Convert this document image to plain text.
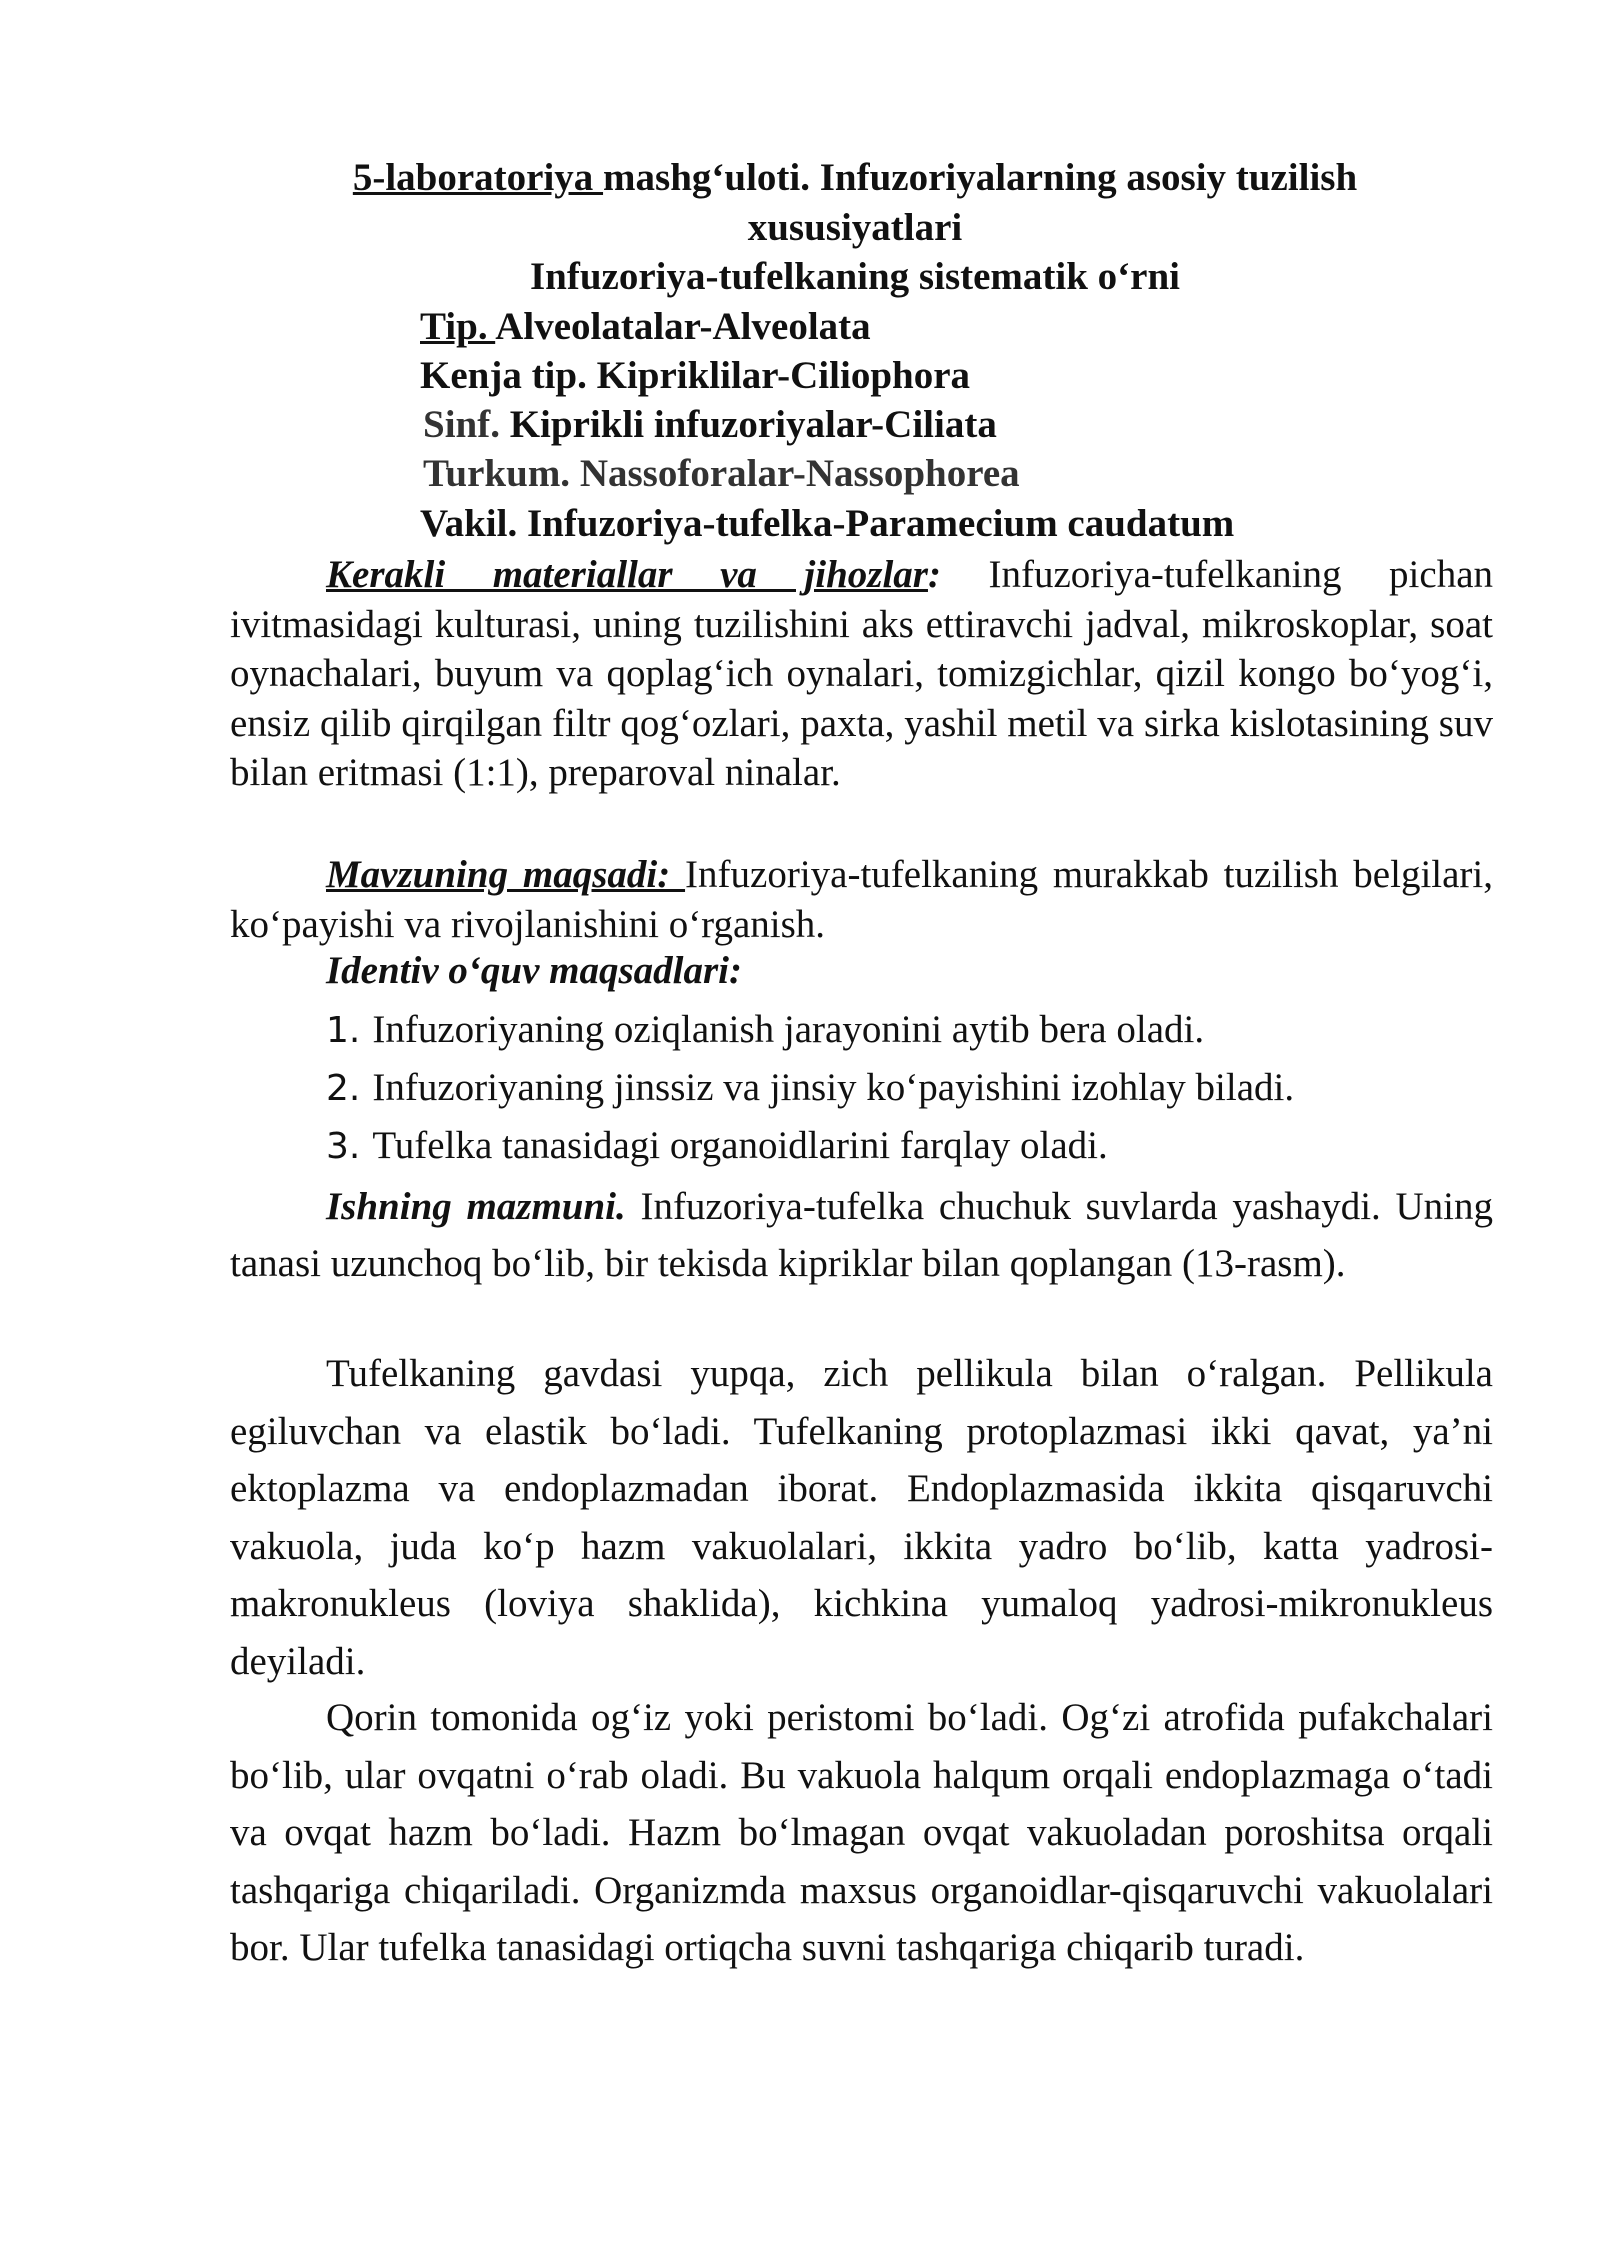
5-laboratoriya mashg‘uloti. Infuzoriyalarning asosiy tuzilish
xususiyatlari
Infuzoriya-tufelkaning sistematik o‘rni
Tip. Alveolatalar-Alveolata
Kenja tip. Kipriklilar-Ciliophora
Sinf. Kiprikli infuzoriyalar-Ciliata
Turkum. Nassoforalar-Nassophorea
Vakil. Infuzoriya-tufelka-Paramecium caudatum

Kerakli materiallar va jihozlar: Infuzoriya-tufelkaning pichan ivitmasidagi kulturasi, uning tuzilishini aks ettiravchi jadval, mikroskoplar, soat oynachalari, buyum va qoplag‘ich oynalari, tomizgichlar, qizil kongo bo‘yog‘i, ensiz qilib qirqilgan filtr qog‘ozlari, paxta, yashil metil va sirka kislotasining suv bilan eritmasi (1:1), preparoval ninalar.

Mavzuning maqsadi: Infuzoriya-tufelkaning murakkab tuzilish belgilari, ko‘payishi va rivojlanishini o‘rganish.

Identiv o‘quv maqsadlari:
1. Infuzoriyaning oziqlanish jarayonini aytib bera oladi.
2. Infuzoriyaning jinssiz va jinsiy ko‘payishini izohlay biladi.
3. Tufelka tanasidagi organoidlarini farqlay oladi.

Ishning mazmuni. Infuzoriya-tufelka chuchuk suvlarda yashaydi. Uning tanasi uzunchoq bo‘lib, bir tekisda kipriklar bilan qoplangan (13-rasm).

Tufelkaning gavdasi yupqa, zich pellikula bilan o‘ralgan. Pellikula egiluvchan va elastik bo‘ladi. Tufelkaning protoplazmasi ikki qavat, ya’ni ektoplazma va endoplazmadan iborat. Endoplazmasida ikkita qisqaruvchi vakuola, juda ko‘p hazm vakuolalari, ikkita yadro bo‘lib, katta yadrosi-makronukleus (loviya shaklida), kichkina yumaloq yadrosi-mikronukleus deyiladi.

Qorin tomonida og‘iz yoki peristomi bo‘ladi. Og‘zi atrofida pufakchalari bo‘lib, ular ovqatni o‘rab oladi. Bu vakuola halqum orqali endoplazmaga o‘tadi va ovqat hazm bo‘ladi. Hazm bo‘lmagan ovqat vakuoladan poroshitsa orqali tashqariga chiqariladi. Organizmda maxsus organoidlar-qisqaruvchi vakuolalari bor. Ular tufelka tanasidagi ortiqcha suvni tashqariga chiqarib turadi.
